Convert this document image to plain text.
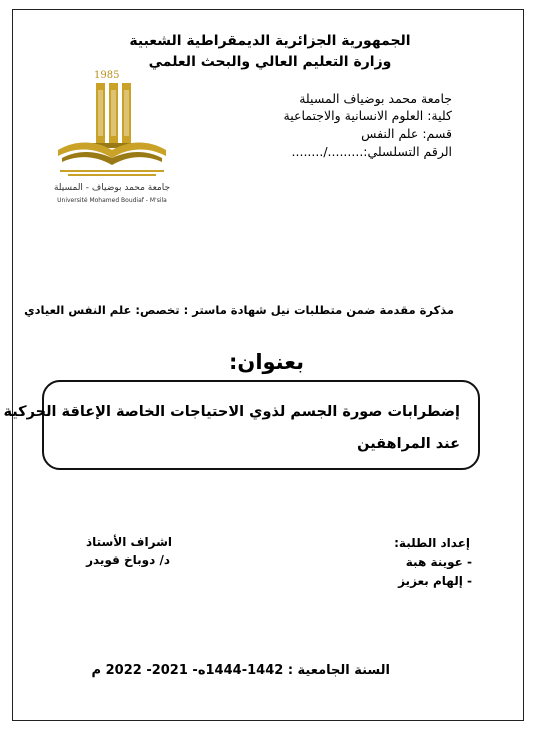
الجمهورية الجزائرية الديمقراطية الشعبية
وزارة التعليم العالي والبحث العلمي
1985
جامعة محمد بوضياف - المسيلة
Université Mohamed Boudiaf - M'sila
جامعة محمد بوضياف المسيلة
كلية: العلوم الانسانية والاجتماعية
قسم: علم النفس
الرقم التسلسلي:........./........
مذكرة مقدمة ضمن متطلبات نيل شهادة ماستر : تخصص: علم النفس العيادي
بعنوان:
إضطرابات صورة الجسم لذوي الاحتياجات الخاصة الإعاقة الحركية
عند المراهقين
إعداد الطلبة:
- عوينة هبة
- إلهام بعزيز
اشراف الأستاذ
د/ دوباخ قويدر
السنة الجامعية : 1442-1444ه- 2021- 2022 م
